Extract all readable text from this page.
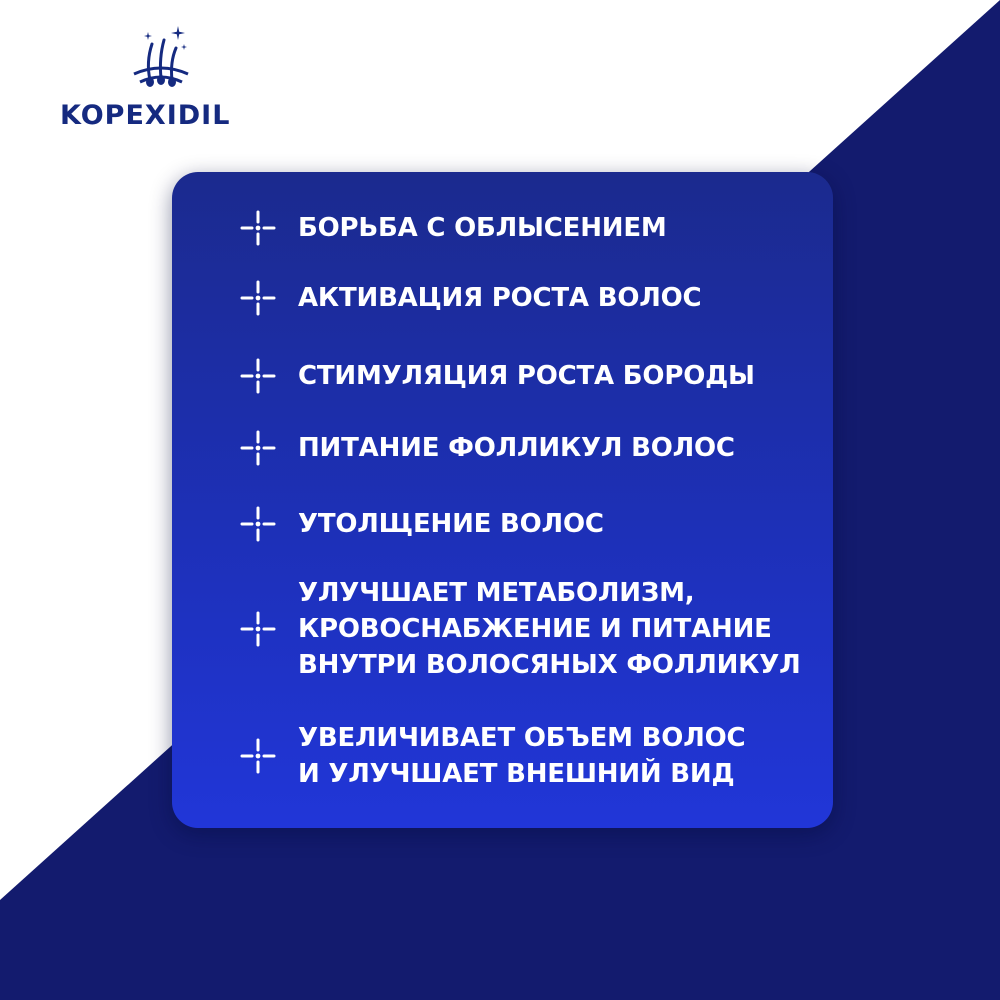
KOPEXIDIL
БОРЬБА С ОБЛЫСЕНИЕМ
АКТИВАЦИЯ РОСТА ВОЛОС
СТИМУЛЯЦИЯ РОСТА БОРОДЫ
ПИТАНИЕ ФОЛЛИКУЛ ВОЛОС
УТОЛЩЕНИЕ ВОЛОС
УЛУЧШАЕТ МЕТАБОЛИЗМ,
КРОВОСНАБЖЕНИЕ И ПИТАНИЕ
ВНУТРИ ВОЛОСЯНЫХ ФОЛЛИКУЛ
УВЕЛИЧИВАЕТ ОБЪЕМ ВОЛОС
И УЛУЧШАЕТ ВНЕШНИЙ ВИД
